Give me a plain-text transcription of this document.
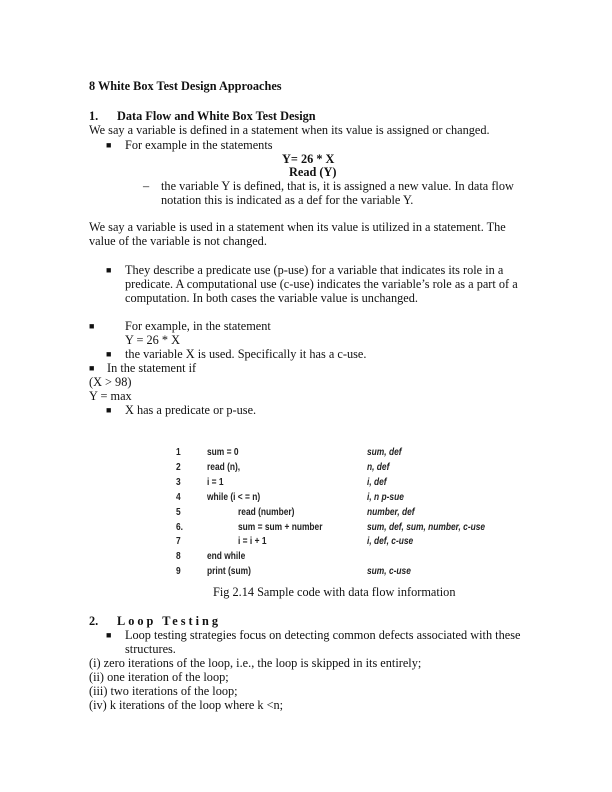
8 White Box Test Design Approaches
1. Data Flow and White Box Test Design
We say a variable is defined in a statement when its value is assigned or changed.
■ For example in the statements
Y= 26 * X
Read (Y)
– the variable Y is defined, that is, it is assigned a new value. In data flow
notation this is indicated as a def for the variable Y.
We say a variable is used in a statement when its value is utilized in a statement. The
value of the variable is not changed.
■ They describe a predicate use (p-use) for a variable that indicates its role in a
predicate. A computational use (c-use) indicates the variable’s role as a part of a
computation. In both cases the variable value is unchanged.
■ For example, in the statement
Y = 26 * X
■ the variable X is used. Specifically it has a c-use.
■ In the statement if
(X > 98)
Y = max
■ X has a predicate or p-use.
1	sum = 0	sum, def
2	read (n),	n, def
3	i = 1	i, def
4	while (i < = n)	i, n p-sue
5	read (number)	number, def
6.	sum = sum + number	sum, def, sum, number, c-use
7	i = i + 1	i, def, c-use
8	end while
9	print (sum)	sum, c-use
Fig 2.14 Sample code with data flow information
2. Loop Testing
■ Loop testing strategies focus on detecting common defects associated with these
structures.
(i) zero iterations of the loop, i.e., the loop is skipped in its entirely;
(ii) one iteration of the loop;
(iii) two iterations of the loop;
(iv) k iterations of the loop where k <n;
